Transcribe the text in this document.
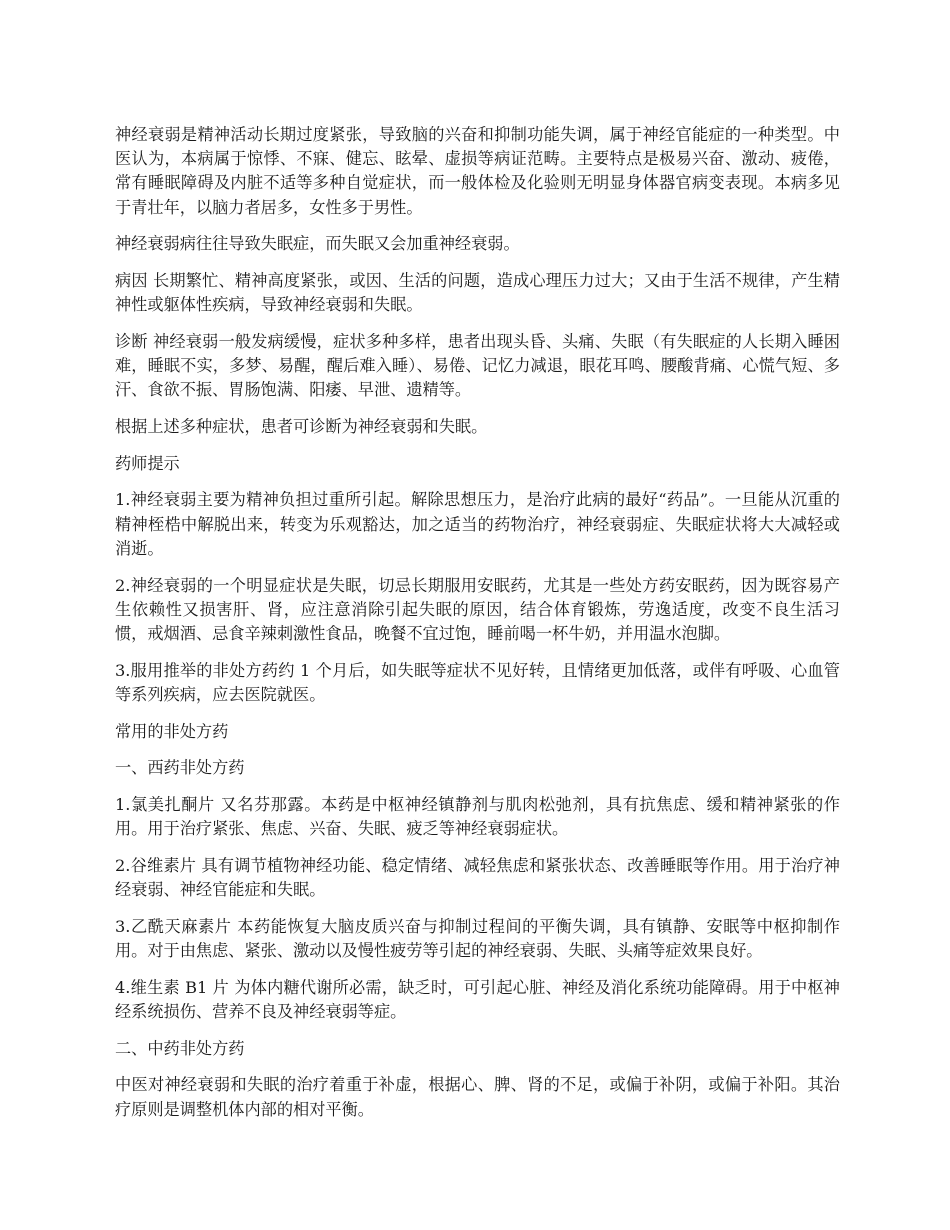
神经衰弱是精神活动长期过度紧张，导致脑的兴奋和抑制功能失调，属于神经官能症的一种类型。中医认为，本病属于惊悸、不寐、健忘、眩晕、虚损等病证范畴。主要特点是极易兴奋、激动、疲倦，常有睡眠障碍及内脏不适等多种自觉症状，而一般体检及化验则无明显身体器官病变表现。本病多见于青壮年，以脑力者居多，女性多于男性。

神经衰弱病往往导致失眠症，而失眠又会加重神经衰弱。

病因 长期繁忙、精神高度紧张，或因、生活的问题，造成心理压力过大；又由于生活不规律，产生精神性或躯体性疾病，导致神经衰弱和失眠。

诊断 神经衰弱一般发病缓慢，症状多种多样，患者出现头昏、头痛、失眠（有失眠症的人长期入睡困难，睡眠不实，多梦、易醒，醒后难入睡）、易倦、记忆力减退，眼花耳鸣、腰酸背痛、心慌气短、多汗、食欲不振、胃肠饱满、阳痿、早泄、遗精等。

根据上述多种症状，患者可诊断为神经衰弱和失眠。

药师提示

1.神经衰弱主要为精神负担过重所引起。解除思想压力，是治疗此病的最好“药品”。一旦能从沉重的精神桎梏中解脱出来，转变为乐观豁达，加之适当的药物治疗，神经衰弱症、失眠症状将大大减轻或消逝。

2.神经衰弱的一个明显症状是失眠，切忌长期服用安眠药，尤其是一些处方药安眠药，因为既容易产生依赖性又损害肝、肾，应注意消除引起失眠的原因，结合体育锻炼，劳逸适度，改变不良生活习惯，戒烟酒、忌食辛辣刺激性食品，晚餐不宜过饱，睡前喝一杯牛奶，并用温水泡脚。

3.服用推举的非处方药约 1 个月后，如失眠等症状不见好转，且情绪更加低落，或伴有呼吸、心血管等系列疾病，应去医院就医。

常用的非处方药

一、西药非处方药

1.氯美扎酮片 又名芬那露。本药是中枢神经镇静剂与肌肉松弛剂，具有抗焦虑、缓和精神紧张的作用。用于治疗紧张、焦虑、兴奋、失眠、疲乏等神经衰弱症状。

2.谷维素片 具有调节植物神经功能、稳定情绪、减轻焦虑和紧张状态、改善睡眠等作用。用于治疗神经衰弱、神经官能症和失眠。

3.乙酰天麻素片 本药能恢复大脑皮质兴奋与抑制过程间的平衡失调，具有镇静、安眠等中枢抑制作用。对于由焦虑、紧张、激动以及慢性疲劳等引起的神经衰弱、失眠、头痛等症效果良好。

4.维生素 B1 片 为体内糖代谢所必需，缺乏时，可引起心脏、神经及消化系统功能障碍。用于中枢神经系统损伤、营养不良及神经衰弱等症。

二、中药非处方药

中医对神经衰弱和失眠的治疗着重于补虚，根据心、脾、肾的不足，或偏于补阴，或偏于补阳。其治疗原则是调整机体内部的相对平衡。
